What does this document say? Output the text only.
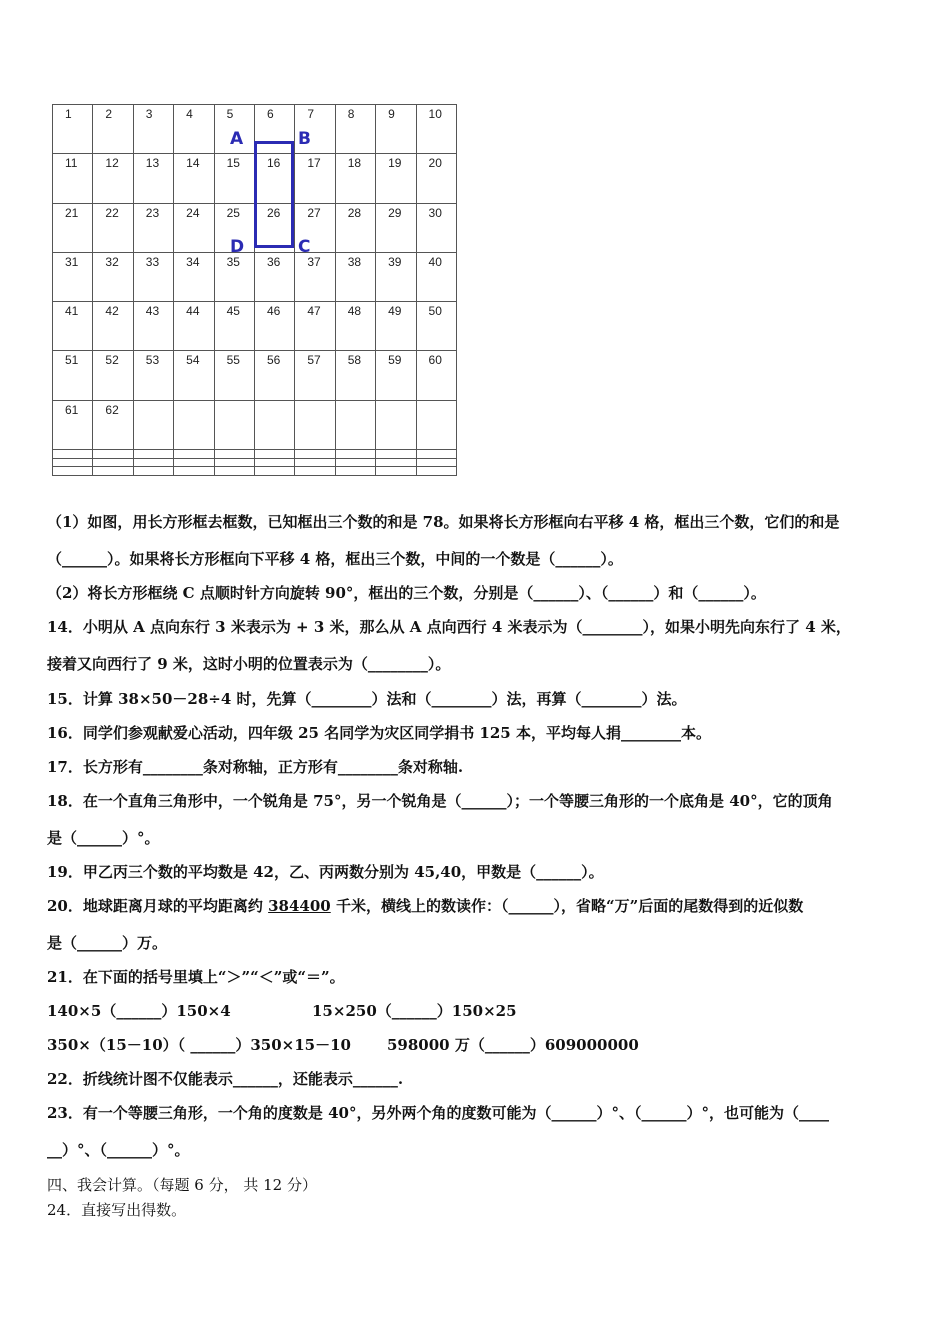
1	2	3	4	5	6	7	8	9	10
11	12	13	14	15	16	17	18	19	20
21	22	23	24	25	26	27	28	29	30
31	32	33	34	35	36	37	38	39	40
41	42	43	44	45	46	47	48	49	50
51	52	53	54	55	56	57	58	59	60
61	62								

A	B
D	C
（1）如图，用长方形框去框数，已知框出三个数的和是 78。如果将长方形框向右平移 4 格，框出三个数，它们的和是
（______）。如果将长方形框向下平移 4 格，框出三个数，中间的一个数是（______）。
（2）将长方形框绕 C 点顺时针方向旋转 90°，框出的三个数，分别是（______）、（______）和（______）。
14．小明从 A 点向东行 3 米表示为 + 3 米，那么从 A 点向西行 4 米表示为（________），如果小明先向东行了 4 米，
接着又向西行了 9 米，这时小明的位置表示为（________）。
15．计算 38×50－28÷4 时，先算（________）法和（________）法，再算（________）法。
16．同学们参观献爱心活动，四年级 25 名同学为灾区同学捐书 125 本，平均每人捐________本。
17．长方形有________条对称轴，正方形有________条对称轴.
18．在一个直角三角形中，一个锐角是 75°，另一个锐角是（______）；一个等腰三角形的一个底角是 40°，它的顶角
是（______）°。
19．甲乙丙三个数的平均数是 42，乙、丙两数分别为 45,40，甲数是（______）。
20．地球距离月球的平均距离约 384400 千米，横线上的数读作：（______），省略“万”后面的尾数得到的近似数
是（______）万。
21．在下面的括号里填上“＞”“＜”或“＝”。
140×5（______）150×4	15×250（______）150×25
350×（15－10）（ ______）350×15－10 598000 万（______）609000000
22．折线统计图不仅能表示______，还能表示______.
23．有一个等腰三角形，一个角的度数是 40°，另外两个角的度数可能为（______）°、（______）°，也可能为（____
__）°、（______）°。
四、我会计算。（每题 6 分， 共 12 分）
24．直接写出得数。
